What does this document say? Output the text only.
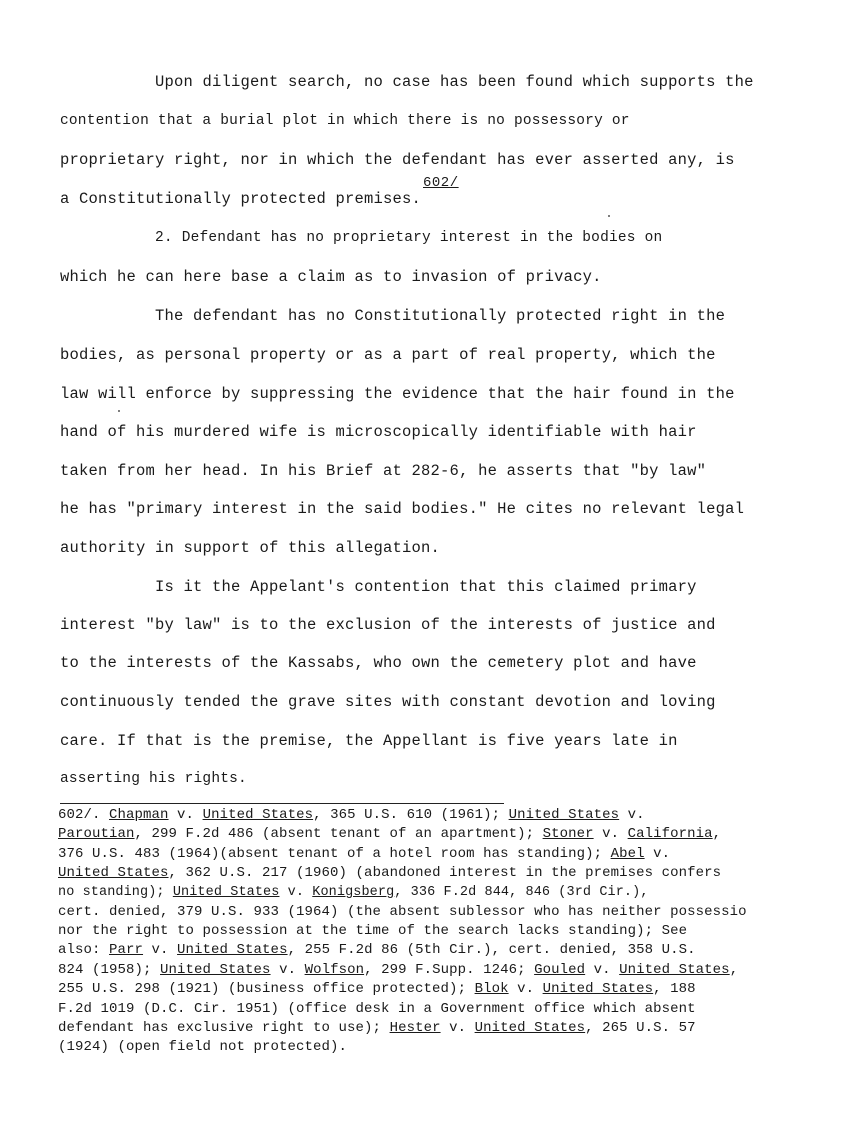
Upon diligent search, no case has been found which supports the
contention that a burial plot in which there is no possessory or
proprietary right, nor in which the defendant has ever asserted any, is
a Constitutionally protected premises.
602/
2. Defendant has no proprietary interest in the bodies on
which he can here base a claim as to invasion of privacy.
The defendant has no Constitutionally protected right in the
bodies, as personal property or as a part of real property, which the
law will enforce by suppressing the evidence that the hair found in the
hand of his murdered wife is microscopically identifiable with hair
taken from her head. In his Brief at 282-6, he asserts that "by law"
he has "primary interest in the said bodies." He cites no relevant legal
authority in support of this allegation.
Is it the Appelant's contention that this claimed primary
interest "by law" is to the exclusion of the interests of justice and
to the interests of the Kassabs, who own the cemetery plot and have
continuously tended the grave sites with constant devotion and loving
care. If that is the premise, the Appellant is five years late in
asserting his rights.
602/. Chapman v. United States, 365 U.S. 610 (1961); United States v.
Paroutian, 299 F.2d 486 (absent tenant of an apartment); Stoner v. California,
376 U.S. 483 (1964)(absent tenant of a hotel room has standing); Abel v.
United States, 362 U.S. 217 (1960) (abandoned interest in the premises confers
no standing); United States v. Konigsberg, 336 F.2d 844, 846 (3rd Cir.),
cert. denied, 379 U.S. 933 (1964) (the absent sublessor who has neither possessio
nor the right to possession at the time of the search lacks standing); See
also: Parr v. United States, 255 F.2d 86 (5th Cir.), cert. denied, 358 U.S.
824 (1958); United States v. Wolfson, 299 F.Supp. 1246; Gouled v. United States,
255 U.S. 298 (1921) (business office protected); Blok v. United States, 188
F.2d 1019 (D.C. Cir. 1951) (office desk in a Government office which absent
defendant has exclusive right to use); Hester v. United States, 265 U.S. 57
(1924) (open field not protected).
